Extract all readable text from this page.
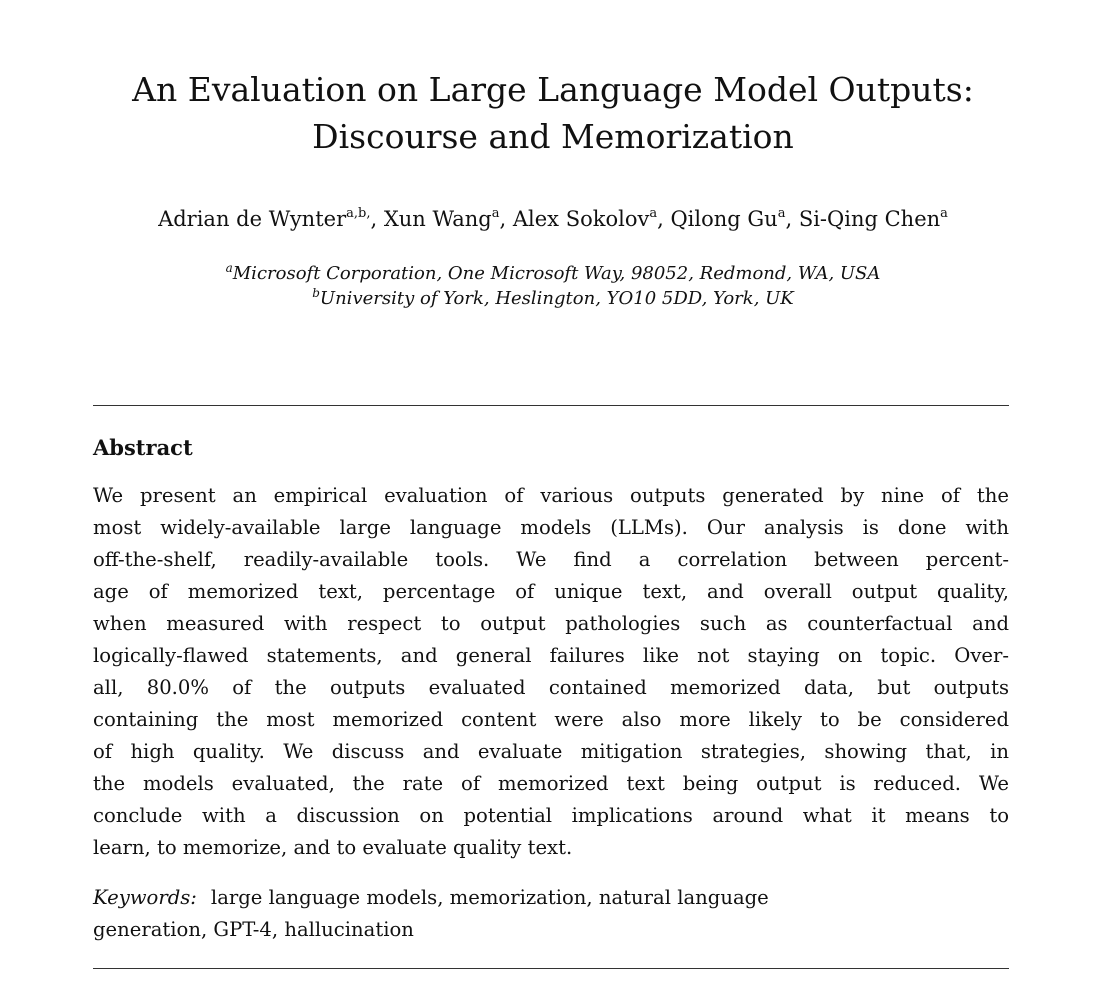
An Evaluation on Large Language Model Outputs:
Discourse and Memorization
Adrian de Wynter$^{a,b,}$, Xun Wang$^a$, Alex Sokolov$^a$, Qilong Gu$^a$, Si-Qing Chen$^a$
$^a$Microsoft Corporation, One Microsoft Way, 98052, Redmond, WA, USA
$^b$University of York, Heslington, YO10 5DD, York, UK
Abstract
We present an empirical evaluation of various outputs generated by nine of the
most widely-available large language models (LLMs). Our analysis is done with
off-the-shelf, readily-available tools. We find a correlation between percent-
age of memorized text, percentage of unique text, and overall output quality,
when measured with respect to output pathologies such as counterfactual and
logically-flawed statements, and general failures like not staying on topic. Over-
all, 80.0% of the outputs evaluated contained memorized data, but outputs
containing the most memorized content were also more likely to be considered
of high quality. We discuss and evaluate mitigation strategies, showing that, in
the models evaluated, the rate of memorized text being output is reduced. We
conclude with a discussion on potential implications around what it means to
learn, to memorize, and to evaluate quality text.
Keywords: large language models, memorization, natural language
generation, GPT-4, hallucination
